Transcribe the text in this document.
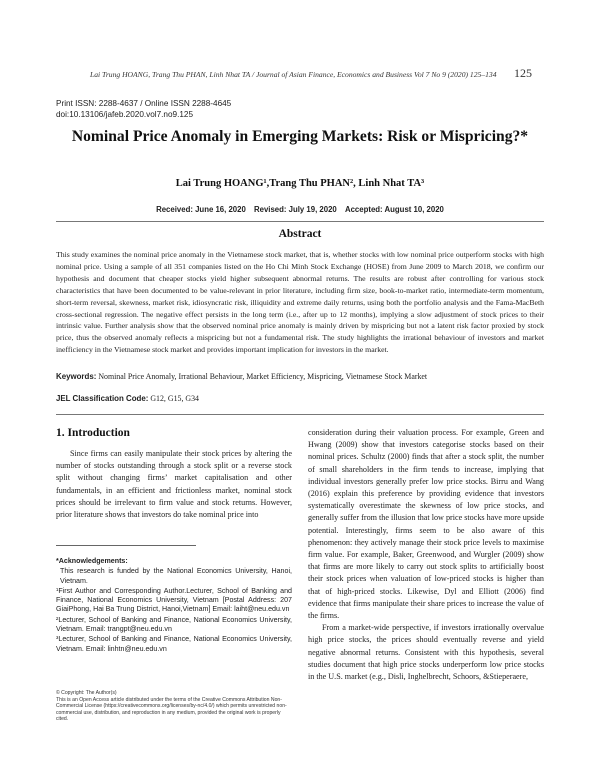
Lai Trung HOANG, Trang Thu PHAN, Linh Nhat TA / Journal of Asian Finance, Economics and Business Vol 7 No 9 (2020) 125–134	125
Print ISSN: 2288-4637 / Online ISSN 2288-4645
doi:10.13106/jafeb.2020.vol7.no9.125
Nominal Price Anomaly in Emerging Markets: Risk or Mispricing?*
Lai Trung HOANG¹,Trang Thu PHAN², Linh Nhat TA³
Received: June 16, 2020 Revised: July 19, 2020 Accepted: August 10, 2020
Abstract
This study examines the nominal price anomaly in the Vietnamese stock market, that is, whether stocks with low nominal price outperform stocks with high nominal price. Using a sample of all 351 companies listed on the Ho Chi Minh Stock Exchange (HOSE) from June 2009 to March 2018, we confirm our hypothesis and document that cheaper stocks yield higher subsequent abnormal returns. The results are robust after controlling for various stock characteristics that have been documented to be value-relevant in prior literature, including firm size, book-to-market ratio, intermediate-term momentum, short-term reversal, skewness, market risk, idiosyncratic risk, illiquidity and extreme daily returns, using both the portfolio analysis and the Fama-MacBeth cross-sectional regression. The negative effect persists in the long term (i.e., after up to 12 months), implying a slow adjustment of stock prices to their intrinsic value. Further analysis show that the observed nominal price anomaly is mainly driven by mispricing but not a latent risk factor proxied by stock price, thus the observed anomaly reflects a mispricing but not a fundamental risk. The study highlights the irrational behaviour of investors and market inefficiency in the Vietnamese stock market and provides important implication for investors in the market.
Keywords: Nominal Price Anomaly, Irrational Behaviour, Market Efficiency, Mispricing, Vietnamese Stock Market
JEL Classification Code: G12, G15, G34
1. Introduction

Since firms can easily manipulate their stock prices by altering the number of stocks outstanding through a stock split or a reverse stock split without changing firms’ market capitalisation and other fundamentals, in an efficient and frictionless market, nominal stock prices should be irrelevant to firm value and stock returns. However, prior literature shows that investors do take nominal price into

consideration during their valuation process. For example, Green and Hwang (2009) show that investors categorise stocks based on their nominal prices. Schultz (2000) finds that after a stock split, the number of small shareholders in the firm tends to increase, implying that individual investors generally prefer low price stocks. Birru and Wang (2016) explain this preference by providing evidence that investors systematically overestimate the skewness of low price stocks, and generally suffer from the illusion that low price stocks have more upside potential. Interestingly, firms seem to be also aware of this phenomenon: they actively manage their stock price levels to maximise firm value. For example, Baker, Greenwood, and Wurgler (2009) show that firms are more likely to carry out stock splits to artificially boost their stock prices when valuation of low-priced stocks is higher than that of high-priced stocks. Likewise, Dyl and Elliott (2006) find evidence that firms manipulate their share prices to increase the value of the firms.

From a market-wide perspective, if investors irrationally overvalue high price stocks, the prices should eventually reverse and yield negative abnormal returns. Consistent with this hypothesis, several studies document that high price stocks underperform low price stocks in the U.S. market (e.g., Disli, Inghelbrecht, Schoors, &Stieperaere,

*Acknowledgements:
This research is funded by the National Economics University, Hanoi, Vietnam.
¹First Author and Corresponding Author.Lecturer, School of Banking and Finance, National Economics University, Vietnam [Postal Address: 207 GiaiPhong, Hai Ba Trung District, Hanoi,Vietnam] Email: laiht@neu.edu.vn
²Lecturer, School of Banking and Finance, National Economics University, Vietnam. Email: trangpt@neu.edu.vn
³Lecturer, School of Banking and Finance, National Economics University, Vietnam. Email: linhtn@neu.edu.vn
© Copyright: The Author(s)
This is an Open Access article distributed under the terms of the Creative Commons Attribution Non-Commercial License (https://creativecommons.org/licenses/by-nc/4.0/) which permits unrestricted non-commercial use, distribution, and reproduction in any medium, provided the original work is properly cited.
